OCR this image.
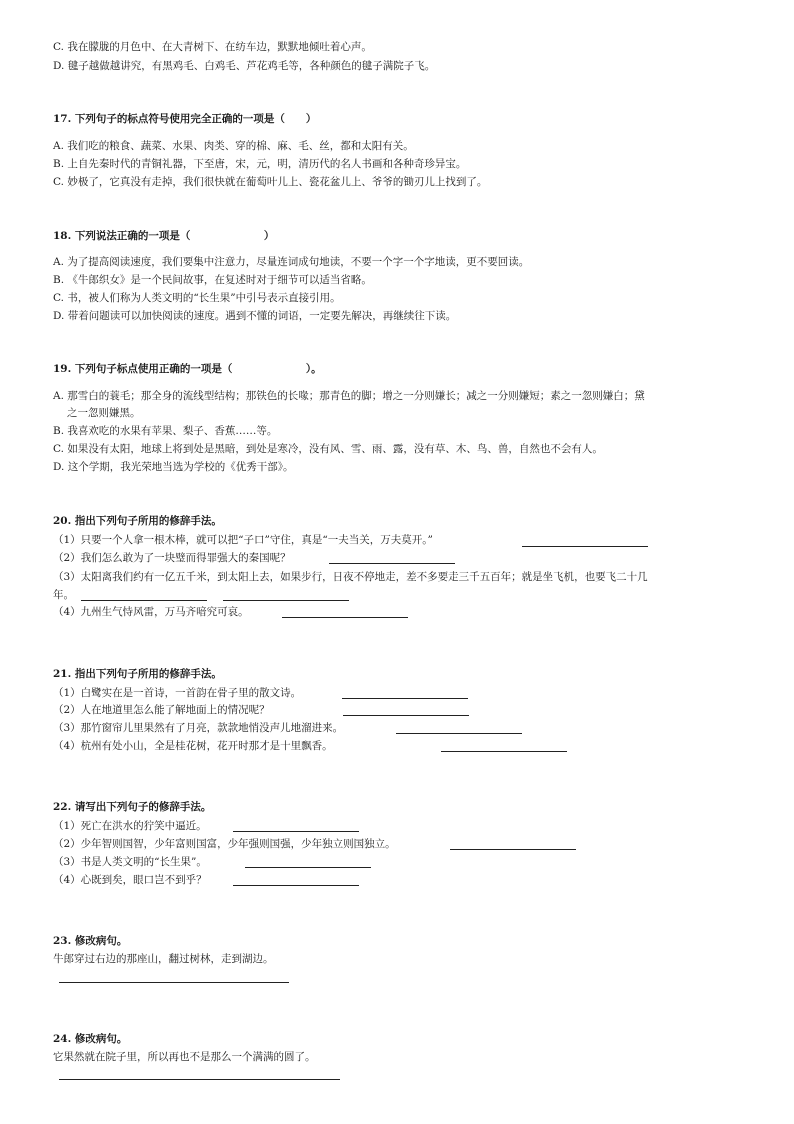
C. 我在朦胧的月色中、在大青树下、在纺车边，默默地倾吐着心声。
D. 毽子越做越讲究，有黑鸡毛、白鸡毛、芦花鸡毛等，各种颜色的毽子满院子飞。
17. 下列句子的标点符号使用完全正确的一项是（　　）
A. 我们吃的粮食、蔬菜、水果、肉类、穿的棉、麻、毛、丝，都和太阳有关。
B. 上自先秦时代的青铜礼器，下至唐，宋，元，明，清历代的名人书画和各种奇珍异宝。
C. 妙极了，它真没有走掉，我们很快就在葡萄叶儿上、瓷花盆儿上、爷爷的锄刃儿上找到了。
18. 下列说法正确的一项是（　　　　　　　）
A. 为了提高阅读速度，我们要集中注意力，尽量连词成句地读，不要一个字一个字地读，更不要回读。
B. 《牛郎织女》是一个民间故事，在复述时对于细节可以适当省略。
C. 书，被人们称为人类文明的“长生果”中引号表示直接引用。
D. 带着问题读可以加快阅读的速度。遇到不懂的词语，一定要先解决，再继续往下读。
19. 下列句子标点使用正确的一项是（　　　　　　　）。
A. 那雪白的蓑毛；那全身的流线型结构；那铁色的长喙；那青色的脚；增之一分则嫌长；减之一分则嫌短；素之一忽则嫌白；黛
之一忽则嫌黑。
B. 我喜欢吃的水果有苹果、梨子、香蕉……等。
C. 如果没有太阳，地球上将到处是黑暗，到处是寒冷，没有风、雪、雨、露，没有草、木、鸟、兽，自然也不会有人。
D. 这个学期，我光荣地当选为学校的《优秀干部》。
20. 指出下列句子所用的修辞手法。
（1）只要一个人拿一根木棒，就可以把“子口”守住，真是“一夫当关，万夫莫开。”
（2）我们怎么敢为了一块璧而得罪强大的秦国呢？
（3）太阳离我们约有一亿五千米，到太阳上去，如果步行，日夜不停地走，差不多要走三千五百年；就是坐飞机，也要飞二十几
年。
（4）九州生气恃风雷，万马齐喑究可哀。
21. 指出下列句子所用的修辞手法。
（1）白鹭实在是一首诗，一首韵在骨子里的散文诗。
（2）人在地道里怎么能了解地面上的情况呢？
（3）那竹窗帘儿里果然有了月亮，款款地悄没声儿地溜进来。
（4）杭州有处小山，全是桂花树，花开时那才是十里飘香。
22. 请写出下列句子的修辞手法。
（1）死亡在洪水的狞笑中逼近。
（2）少年智则国智，少年富则国富，少年强则国强，少年独立则国独立。
（3）书是人类文明的“长生果”。
（4）心既到矣，眼口岂不到乎？
23. 修改病句。
牛郎穿过右边的那座山，翻过树林，走到湖边。
24. 修改病句。
它果然就在院子里，所以再也不是那么一个满满的圆了。
